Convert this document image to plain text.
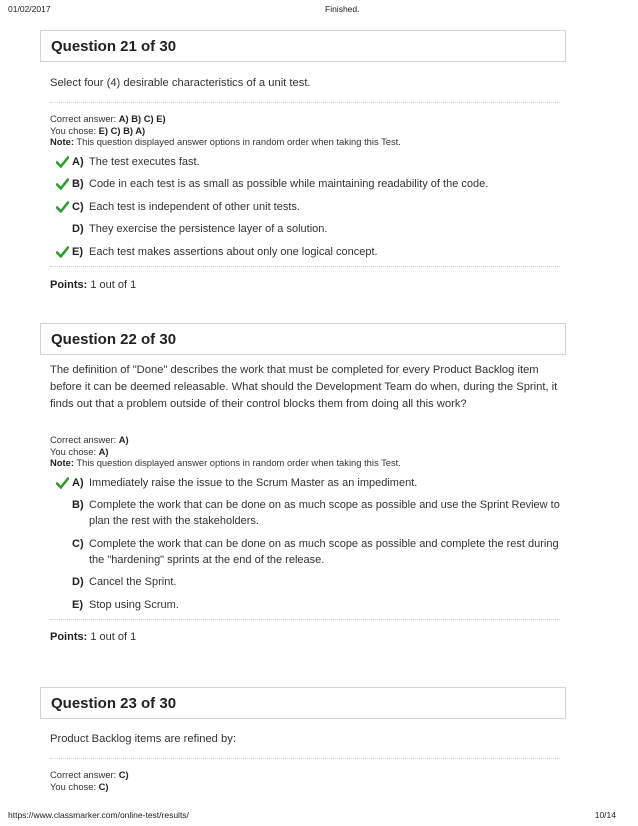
01/02/2017	Finished.
Question 21 of 30

Select four (4) desirable characteristics of a unit test.

Correct answer: A) B) C) E)
You chose: E) C) B) A)
Note: This question displayed answer options in random order when taking this Test.
A) The test executes fast.
B) Code in each test is as small as possible while maintaining readability of the code.
C) Each test is independent of other unit tests.
D) They exercise the persistence layer of a solution.
E) Each test makes assertions about only one logical concept.
Points: 1 out of 1
Question 22 of 30

The definition of "Done" describes the work that must be completed for every Product Backlog item before it can be deemed releasable. What should the Development Team do when, during the Sprint, it finds out that a problem outside of their control blocks them from doing all this work?

Correct answer: A)
You chose: A)
Note: This question displayed answer options in random order when taking this Test.
A) Immediately raise the issue to the Scrum Master as an impediment.
B) Complete the work that can be done on as much scope as possible and use the Sprint Review to plan the rest with the stakeholders.
C) Complete the work that can be done on as much scope as possible and complete the rest during the "hardening" sprints at the end of the release.
D) Cancel the Sprint.
E) Stop using Scrum.
Points: 1 out of 1
Question 23 of 30

Product Backlog items are refined by:

Correct answer: C)
You chose: C)
https://www.classmarker.com/online-test/results/	10/14
